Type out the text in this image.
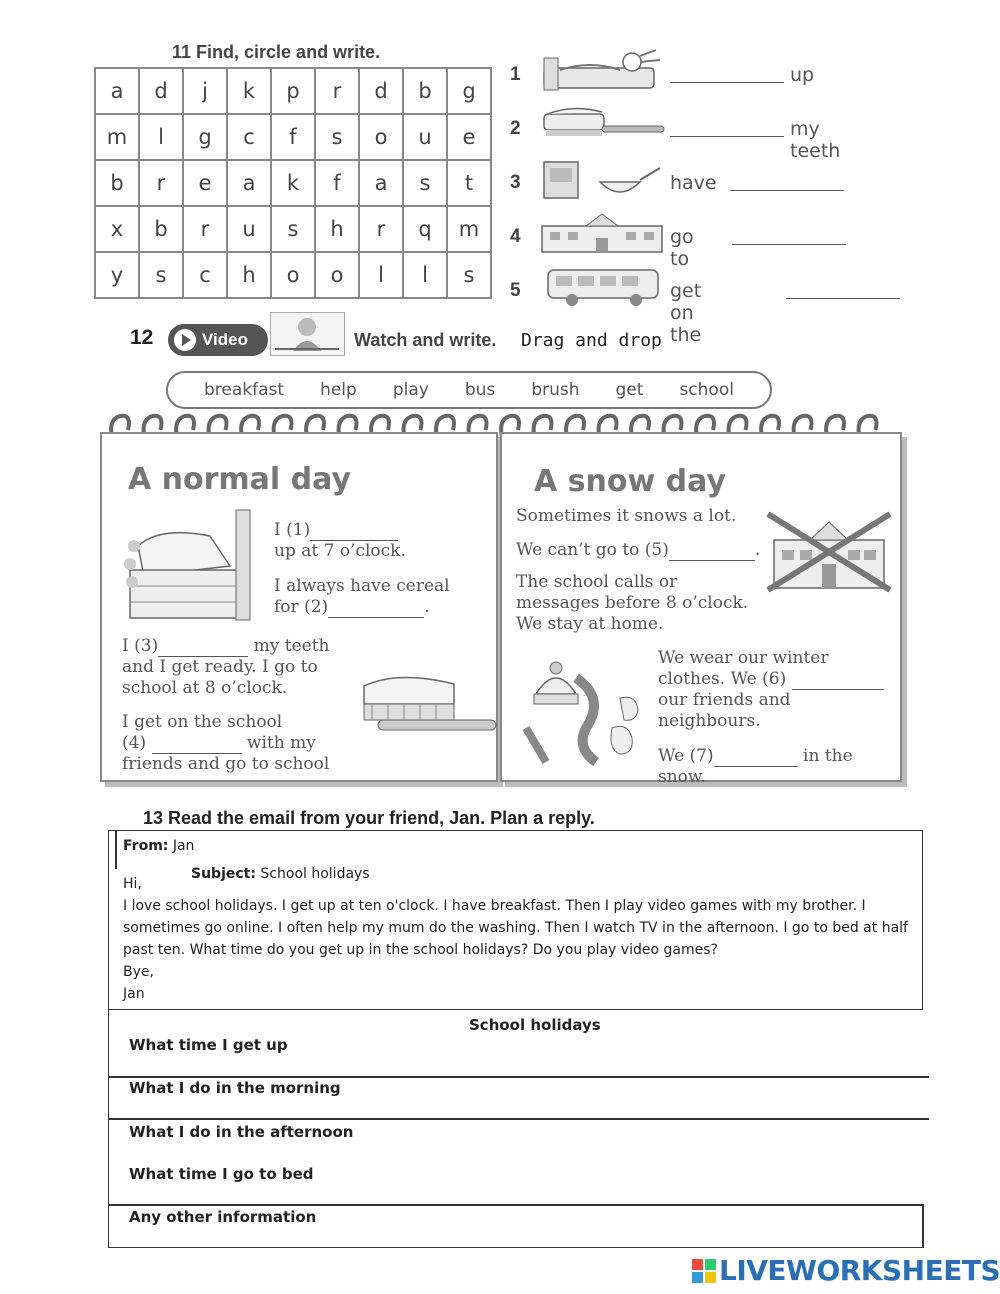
11 Find, circle and write.
a	d	j	k	p	r	d	b	g
m	l	g	c	f	s	o	u	e
b	r	e	a	k	f	a	s	t
x	b	r	u	s	h	r	q	m
y	s	c	h	o	o	l	l	s
1	up
2	my teeth
3	have
4	go to
5	get on the
12	Video	Watch and write. Drag and drop
breakfast help play bus brush get school
A normal day
I (1)
up at 7 o’clock.
I always have cereal
for (2)	.
I (3)	my teeth
and I get ready. I go to
school at 8 o’clock.
I get on the school
(4)	with my
friends and go to school
A snow day
Sometimes it snows a lot.
We can’t go to (5)	.
The school calls or
messages before 8 o’clock.
We stay at home.
We wear our winter
clothes. We (6)
our friends and
neighbours.
We (7)	in the snow.
13 Read the email from your friend, Jan. Plan a reply.
From: Jan
Subject: School holidays
Hi,
I love school holidays. I get up at ten o'clock. I have breakfast. Then I play video games with my brother. I
sometimes go online. I often help my mum do the washing. Then I watch TV in the afternoon. I go to bed at half
past ten. What time do you get up in the school holidays? Do you play video games?
Bye,
Jan
School holidays
What time I get up
What I do in the morning
What I do in the afternoon
What time I go to bed
Any other information
LIVEWORKSHEETS
